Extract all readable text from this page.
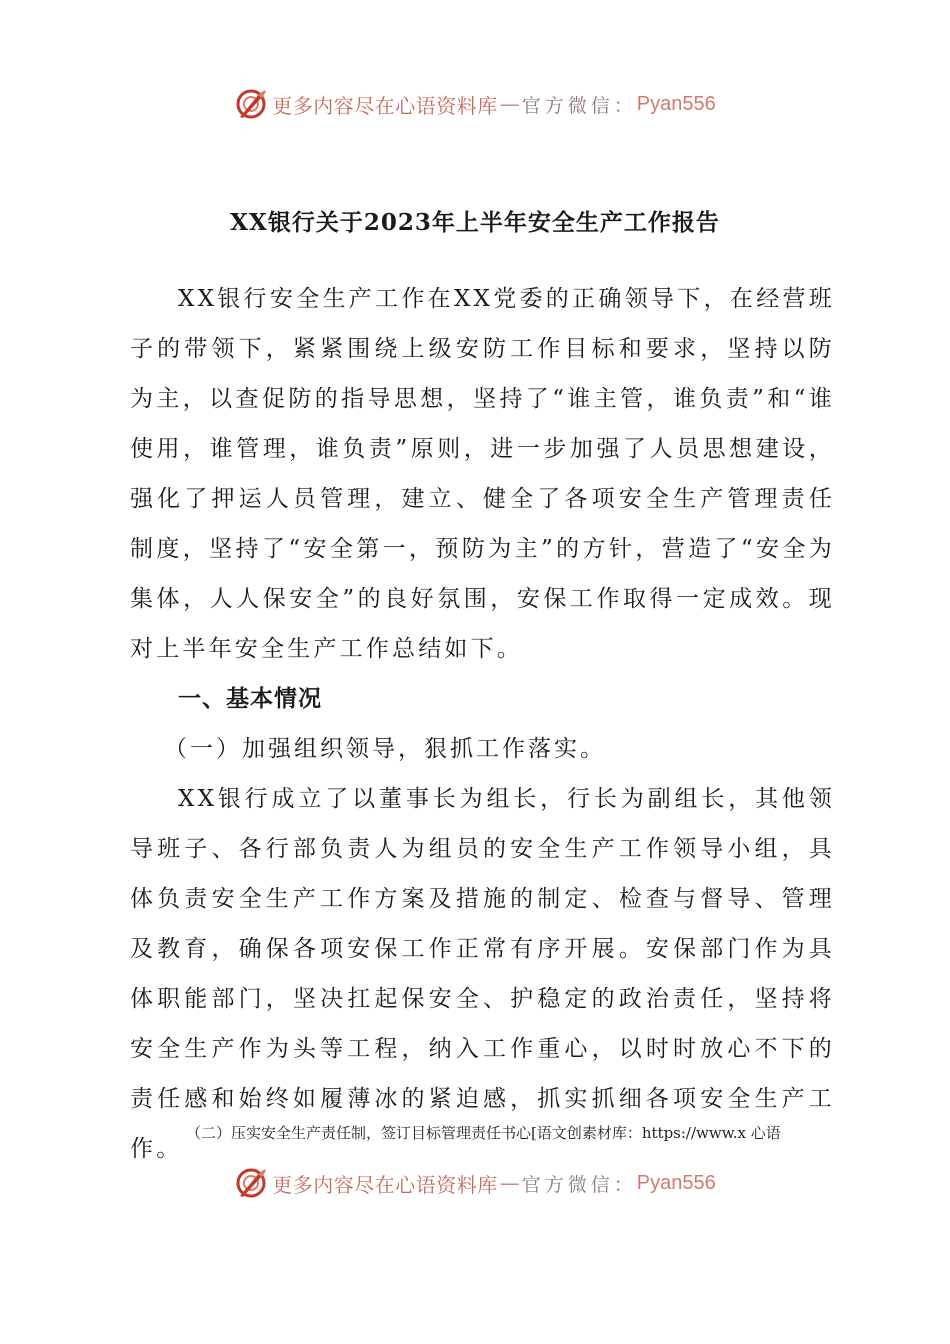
更多内容尽在心语资料库 — 官方微信： Pyan556
XX银行关于2023年上半年安全生产工作报告

XX银行安全生产工作在XX党委的正确领导下，在经营班子的带领下，紧紧围绕上级安防工作目标和要求，坚持以防为主，以查促防的指导思想，坚持了“谁主管，谁负责”和“谁使用，谁管理，谁负责”原则，进一步加强了人员思想建设，强化了押运人员管理，建立、健全了各项安全生产管理责任制度，坚持了“安全第一，预防为主”的方针，营造了“安全为集体，人人保安全”的良好氛围，安保工作取得一定成效。现对上半年安全生产工作总结如下。

一、基本情况

（一）加强组织领导，狠抓工作落实。

XX银行成立了以董事长为组长，行长为副组长，其他领导班子、各行部负责人为组员的安全生产工作领导小组，具体负责安全生产工作方案及措施的制定、检查与督导、管理及教育，确保各项安保工作正常有序开展。安保部门作为具体职能部门，坚决扛起保安全、护稳定的政治责任，坚持将安全生产作为头等工程，纳入工作重心，以时时放心不下的责任感和始终如履薄冰的紧迫感，抓实抓细各项安全生产工作。

（二）压实安全生产责任制，签订目标管理责任书心[语文创素材库：https://www.x 心语
更多内容尽在心语资料库 — 官方微信： Pyan556
